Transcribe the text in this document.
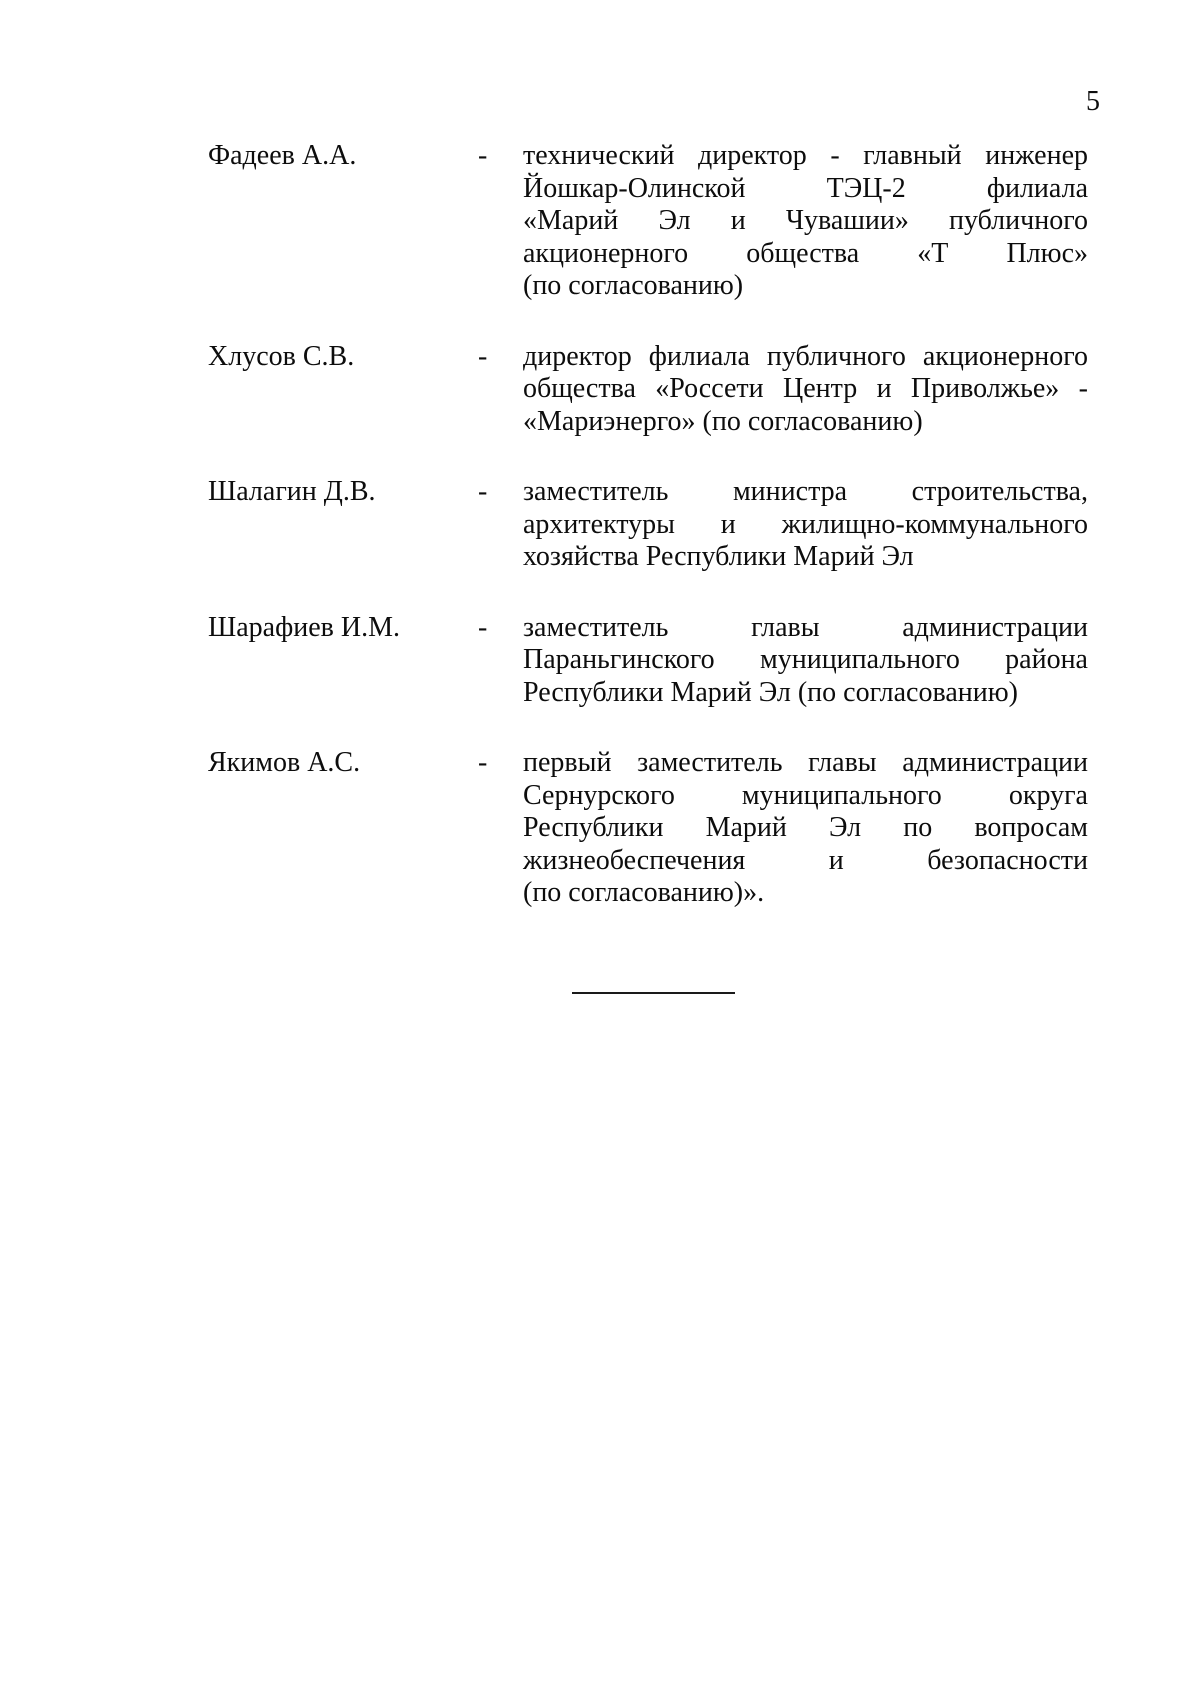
5
Фадеев А.А.	- технический директор - главный инженер
Йошкар-Олинской ТЭЦ-2 филиала
«Марий Эл и Чувашии» публичного
акционерного общества «Т Плюс»
(по согласованию)
Хлусов С.В.	- директор филиала публичного акционерного
общества «Россети Центр и Приволжье» -
«Мариэнерго» (по согласованию)
Шалагин Д.В.	- заместитель министра строительства,
архитектуры и жилищно-коммунального
хозяйства Республики Марий Эл
Шарафиев И.М.	- заместитель главы администрации
Параньгинского муниципального района
Республики Марий Эл (по согласованию)
Якимов А.С.	- первый заместитель главы администрации
Сернурского муниципального округа
Республики Марий Эл по вопросам
жизнеобеспечения и безопасности
(по согласованию)».
